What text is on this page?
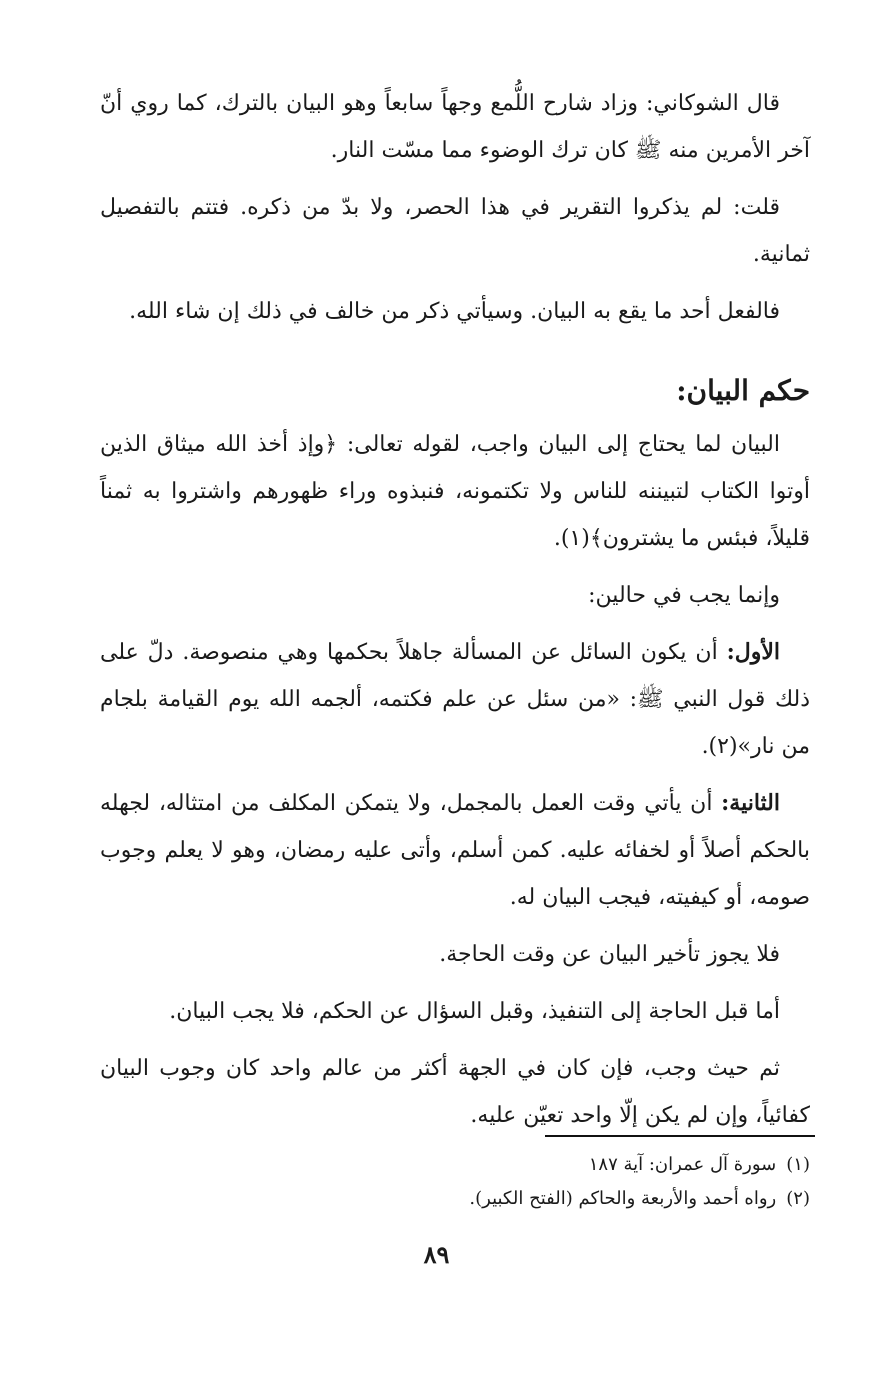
قال الشوكاني: وزاد شارح اللُّمع وجهاً سابعاً وهو البيان بالترك، كما روي أنّ آخر الأمرين منه ﷺ كان ترك الوضوء مما مسّت النار.

قلت: لم يذكروا التقرير في هذا الحصر، ولا بدّ من ذكره. فتتم بالتفصيل ثمانية.

فالفعل أحد ما يقع به البيان. وسيأتي ذكر من خالف في ذلك إن شاء الله.

حكم البيان:

البيان لما يحتاج إلى البيان واجب، لقوله تعالى: ﴿وإذ أخذ الله ميثاق الذين أوتوا الكتاب لتبيننه للناس ولا تكتمونه، فنبذوه وراء ظهورهم واشتروا به ثمناً قليلاً، فبئس ما يشترون﴾(١).

وإنما يجب في حالين:

الأول: أن يكون السائل عن المسألة جاهلاً بحكمها وهي منصوصة. دلّ على ذلك قول النبي ﷺ: «من سئل عن علم فكتمه، ألجمه الله يوم القيامة بلجام من نار»(٢).

الثانية: أن يأتي وقت العمل بالمجمل، ولا يتمكن المكلف من امتثاله، لجهله بالحكم أصلاً أو لخفائه عليه. كمن أسلم، وأتى عليه رمضان، وهو لا يعلم وجوب صومه، أو كيفيته، فيجب البيان له.

فلا يجوز تأخير البيان عن وقت الحاجة.

أما قبل الحاجة إلى التنفيذ، وقبل السؤال عن الحكم، فلا يجب البيان.

ثم حيث وجب، فإن كان في الجهة أكثر من عالم واحد كان وجوب البيان كفائياً، وإن لم يكن إلّا واحد تعيّن عليه.

(١)سورة آل عمران: آية ١٨٧
(٢)رواه أحمد والأربعة والحاكم (الفتح الكبير).
٨٩
